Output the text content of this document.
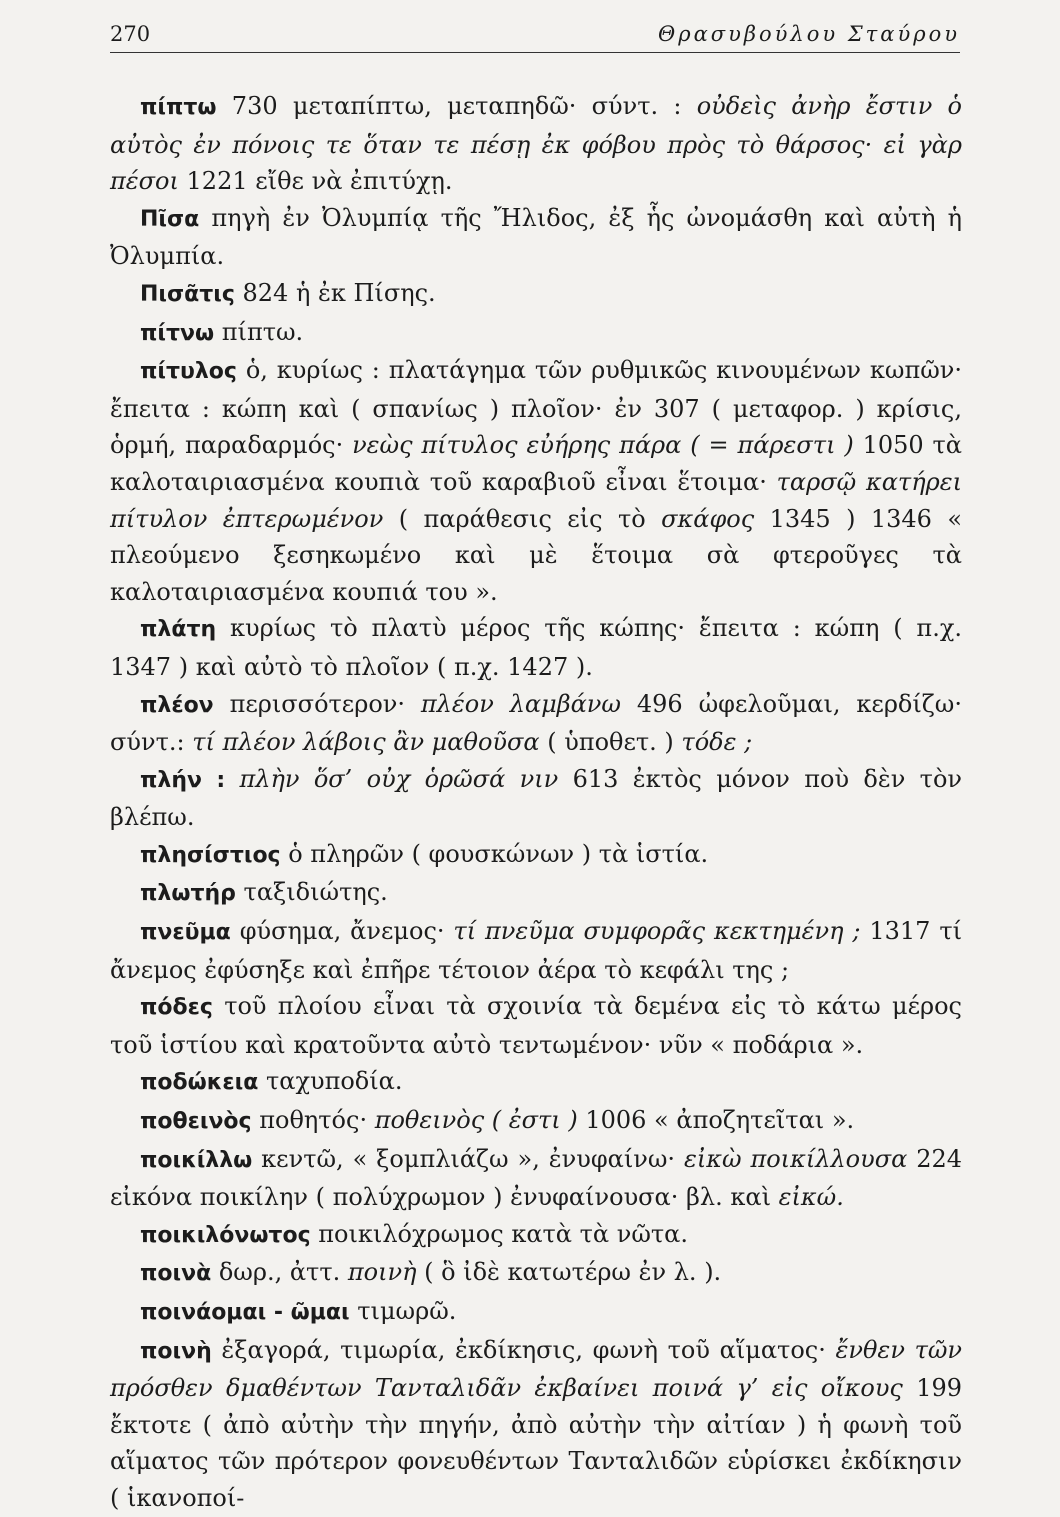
270	Θρασυβούλου Σταύρου

πίπτω 730 μεταπίπτω, μεταπηδῶ· σύντ. : οὐδεὶς ἀνὴρ ἔστιν ὁ αὐτὸς ἐν πόνοις τε ὅταν τε πέσῃ ἐκ φόβου πρὸς τὸ θάρσος· εἰ γὰρ πέσοι 1221 εἴθε νὰ ἐπιτύχῃ.

Πῖσα πηγὴ ἐν Ὀλυμπίᾳ τῆς Ἤλιδος, ἐξ ἧς ὠνομάσθη καὶ αὐτὴ ἡ Ὀλυμπία.

Πισᾶτις 824 ἡ ἐκ Πίσης.

πίτνω πίπτω.

πίτυλος ὁ, κυρίως : πλατάγημα τῶν ρυθμικῶς κινουμένων κωπῶν· ἔπειτα : κώπη καὶ ( σπανίως ) πλοῖον· ἐν 307 ( μεταφορ. ) κρίσις, ὁρμή, παραδαρμός· νεὼς πίτυλος εὐήρης πάρα ( = πάρεστι ) 1050 τὰ καλοταιριασμένα κουπιὰ τοῦ καραβιοῦ εἶναι ἕτοιμα· ταρσῷ κατήρει πίτυλον ἐπτερωμένον ( παράθεσις εἰς τὸ σκάφος 1345 ) 1346 « πλεούμενο ξεσηκωμένο καὶ μὲ ἕτοιμα σὰ φτεροῦγες τὰ καλοταιριασμένα κουπιά του ».

πλάτη κυρίως τὸ πλατὺ μέρος τῆς κώπης· ἔπειτα : κώπη ( π.χ. 1347 ) καὶ αὐτὸ τὸ πλοῖον ( π.χ. 1427 ).

πλέον περισσότερον· πλέον λαμβάνω 496 ὠφελοῦμαι, κερδίζω· σύντ.: τί πλέον λάβοις ἂν μαθοῦσα ( ὑποθετ. ) τόδε ;

πλήν : πλὴν ὅσ’ οὐχ ὁρῶσά νιν 613 ἐκτὸς μόνον ποὺ δὲν τὸν βλέπω.

πλησίστιος ὁ πληρῶν ( φουσκώνων ) τὰ ἱστία.

πλωτήρ ταξιδιώτης.

πνεῦμα φύσημα, ἄνεμος· τί πνεῦμα συμφορᾶς κεκτημένη ; 1317 τί ἄνεμος ἐφύσηξε καὶ ἐπῆρε τέτοιον ἀέρα τὸ κεφάλι της ;

πόδες τοῦ πλοίου εἶναι τὰ σχοινία τὰ δεμένα εἰς τὸ κάτω μέρος τοῦ ἱστίου καὶ κρατοῦντα αὐτὸ τεντωμένον· νῦν « ποδάρια ».

ποδώκεια ταχυποδία.

ποθεινὸς ποθητός· ποθεινὸς ( ἐστι ) 1006 « ἀποζητεῖται ».

ποικίλλω κεντῶ, « ξομπλιάζω », ἐνυφαίνω· εἰκὼ ποικίλλουσα 224 εἰκόνα ποικίλην ( πολύχρωμον ) ἐνυφαίνουσα· βλ. καὶ εἰκώ.

ποικιλόνωτος ποικιλόχρωμος κατὰ τὰ νῶτα.

ποινὰ δωρ., ἀττ. ποινὴ ( ὃ ἰδὲ κατωτέρω ἐν λ. ).

ποινάομαι - ῶμαι τιμωρῶ.

ποινὴ ἐξαγορά, τιμωρία, ἐκδίκησις, φωνὴ τοῦ αἵματος· ἔνθεν τῶν πρόσθεν δμαθέντων Τανταλιδᾶν ἐκβαίνει ποινά γ’ εἰς οἴκους 199 ἔκτοτε ( ἀπὸ αὐτὴν τὴν πηγήν, ἀπὸ αὐτὴν τὴν αἰτίαν ) ἡ φωνὴ τοῦ αἵματος τῶν πρότερον φονευθέντων Τανταλιδῶν εὑρίσκει ἐκδίκησιν ( ἱκανοποί-
